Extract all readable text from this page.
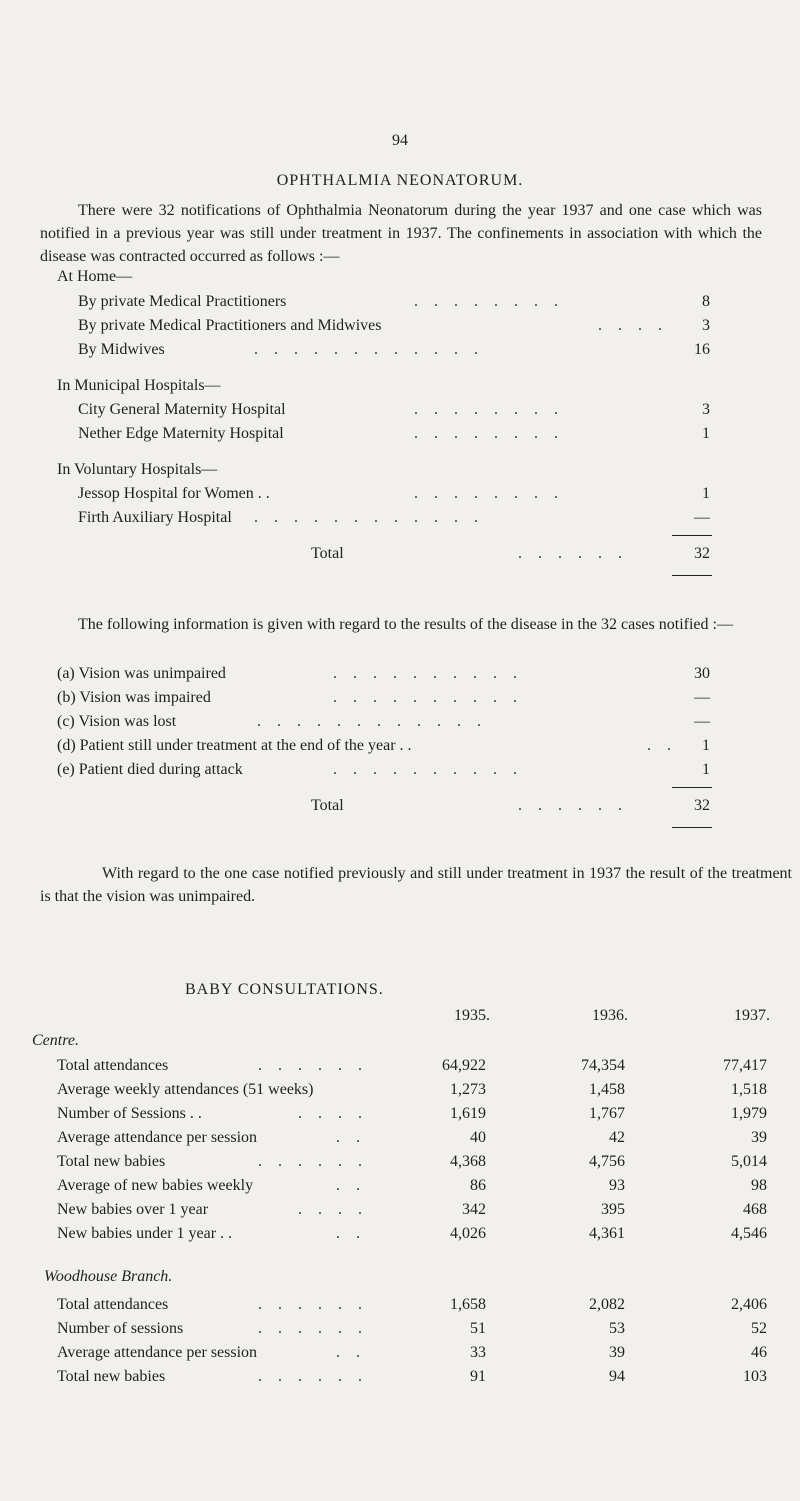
94
OPHTHALMIA NEONATORUM.
There were 32 notifications of Ophthalmia Neonatorum during the year 1937 and one case which was notified in a previous year was still under treatment in 1937. The confinements in association with which the disease was contracted occurred as follows :—
At Home—
By private Medical Practitioners	. . . . . . . .	8
By private Medical Practitioners and Midwives	. . . .	3
By Midwives	. . . . . . . . . . . .	16
In Municipal Hospitals—
City General Maternity Hospital	. . . . . . . .	3
Nether Edge Maternity Hospital	. . . . . . . .	1
In Voluntary Hospitals—
Jessop Hospital for Women . .	. . . . . . . .	1
Firth Auxiliary Hospital . . . . . . . . . . . .	—
Total	. . . . . .	32
The following information is given with regard to the results of the disease in the 32 cases notified :—
(a) Vision was unimpaired	. . . . . . . . . .	30
(b) Vision was impaired	. . . . . . . . . .	—
(c) Vision was lost	. . . . . . . . . . . .	—
(d) Patient still under treatment at the end of the year . .	. .	1
(e) Patient died during attack	. . . . . . . . . .	1
Total	. . . . . .	32
With regard to the one case notified previously and still under treatment in 1937 the result of the treatment is that the vision was unimpaired.
BABY CONSULTATIONS.
1935.	1936.	1937.
Centre.
Total attendances	. . . . . .	64,922	74,354	77,417
Average weekly attendances (51 weeks)	1,273	1,458	1,518
Number of Sessions . .	. . . .	1,619	1,767	1,979
Average attendance per session	. .	40	42	39
Total new babies	. . . . . .	4,368	4,756	5,014
Average of new babies weekly	. .	86	93	98
New babies over 1 year	. . . .	342	395	468
New babies under 1 year . .	. .	4,026	4,361	4,546
Woodhouse Branch.
Total attendances	. . . . . .	1,658	2,082	2,406
Number of sessions	. . . . . .	51	53	52
Average attendance per session	. .	33	39	46
Total new babies	. . . . . .	91	94	103
